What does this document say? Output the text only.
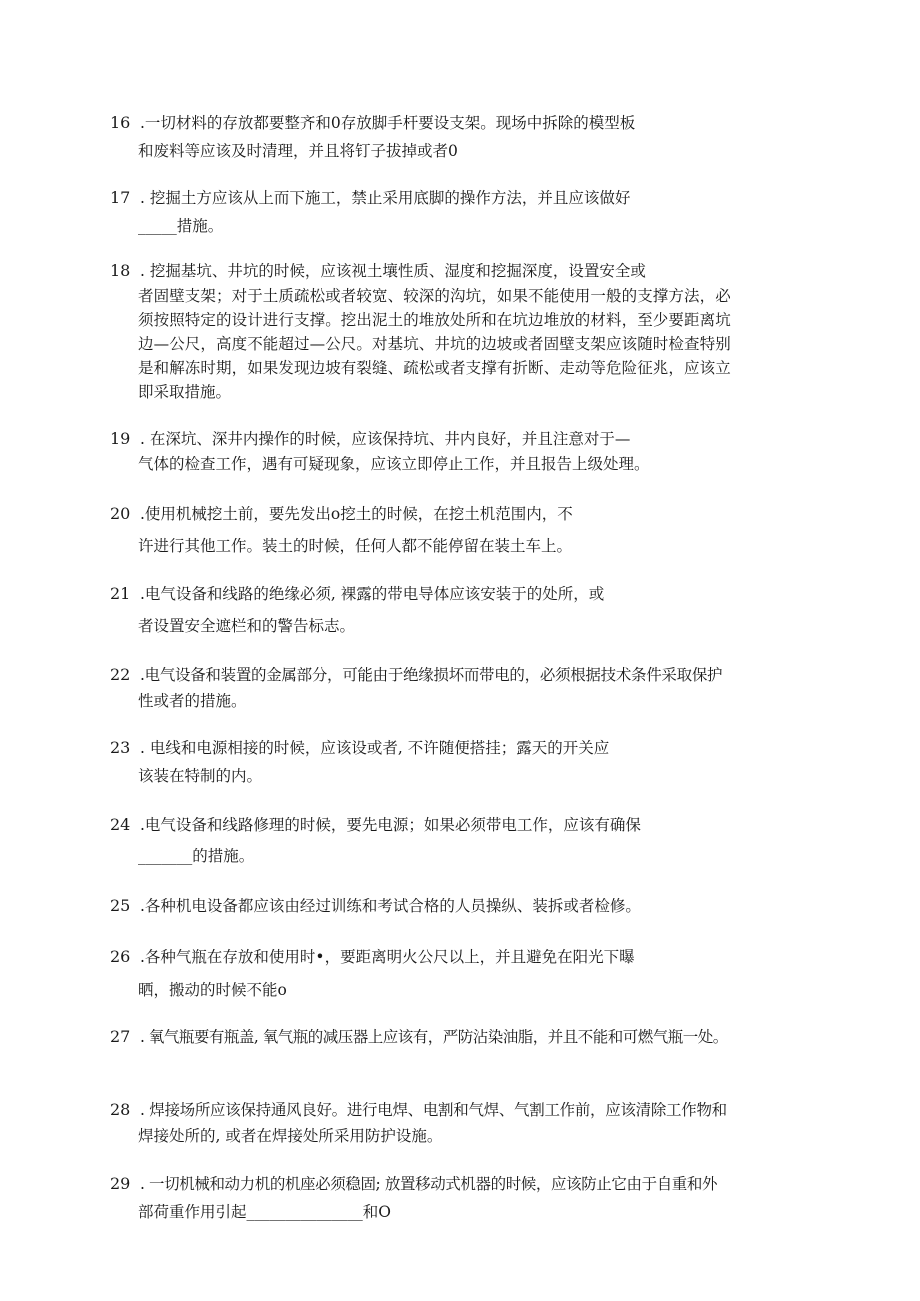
16 .一切材料的存放都要整齐和0存放脚手杆要设支架。现场中拆除的模型板
和废料等应该及时清理，并且将钉子拔掉或者0
17 . 挖掘土方应该从上而下施工，禁止采用底脚的操作方法，并且应该做好
_____措施。
18 . 挖掘基坑、井坑的时候，应该视土壤性质、湿度和挖掘深度，设置安全或
者固壁支架；对于土质疏松或者较宽、较深的沟坑，如果不能使用一般的支撑方法，必
须按照特定的设计进行支撑。挖出泥土的堆放处所和在坑边堆放的材料，至少要距离坑
边—公尺，高度不能超过—公尺。对基坑、井坑的边坡或者固壁支架应该随时检查特别
是和解冻时期，如果发现边坡有裂缝、疏松或者支撑有折断、走动等危险征兆，应该立
即采取措施。
19 . 在深坑、深井内操作的时候，应该保持坑、井内良好，并且注意对于—
气体的检查工作，遇有可疑现象，应该立即停止工作，并且报告上级处理。
20 .使用机械挖土前，要先发出o挖土的时候，在挖土机范围内，不
许进行其他工作。装土的时候，任何人都不能停留在装土车上。
21 .电气设备和线路的绝缘必须, 裸露的带电导体应该安装于的处所，或
者设置安全遮栏和的警告标志。
22 .电气设备和装置的金属部分，可能由于绝缘损坏而带电的，必须根据技术条件采取保护
性或者的措施。
23 . 电线和电源相接的时候，应该设或者, 不许随便搭挂；露天的开关应
该装在特制的内。
24 .电气设备和线路修理的时候，要先电源；如果必须带电工作，应该有确保
_______的措施。
25 .各种机电设备都应该由经过训练和考试合格的人员操纵、装拆或者检修。
26 .各种气瓶在存放和使用时•，要距离明火公尺以上，并且避免在阳光下曝
晒，搬动的时候不能o
27 . 氧气瓶要有瓶盖, 氧气瓶的减压器上应该有，严防沾染油脂，并且不能和可燃气瓶一处。
28 . 焊接场所应该保持通风良好。进行电焊、电割和气焊、气割工作前，应该清除工作物和
焊接处所的, 或者在焊接处所采用防护设施。
29 . 一切机械和动力机的机座必须稳固; 放置移动式机器的时候，应该防止它由于自重和外
部荷重作用引起_______________和O
